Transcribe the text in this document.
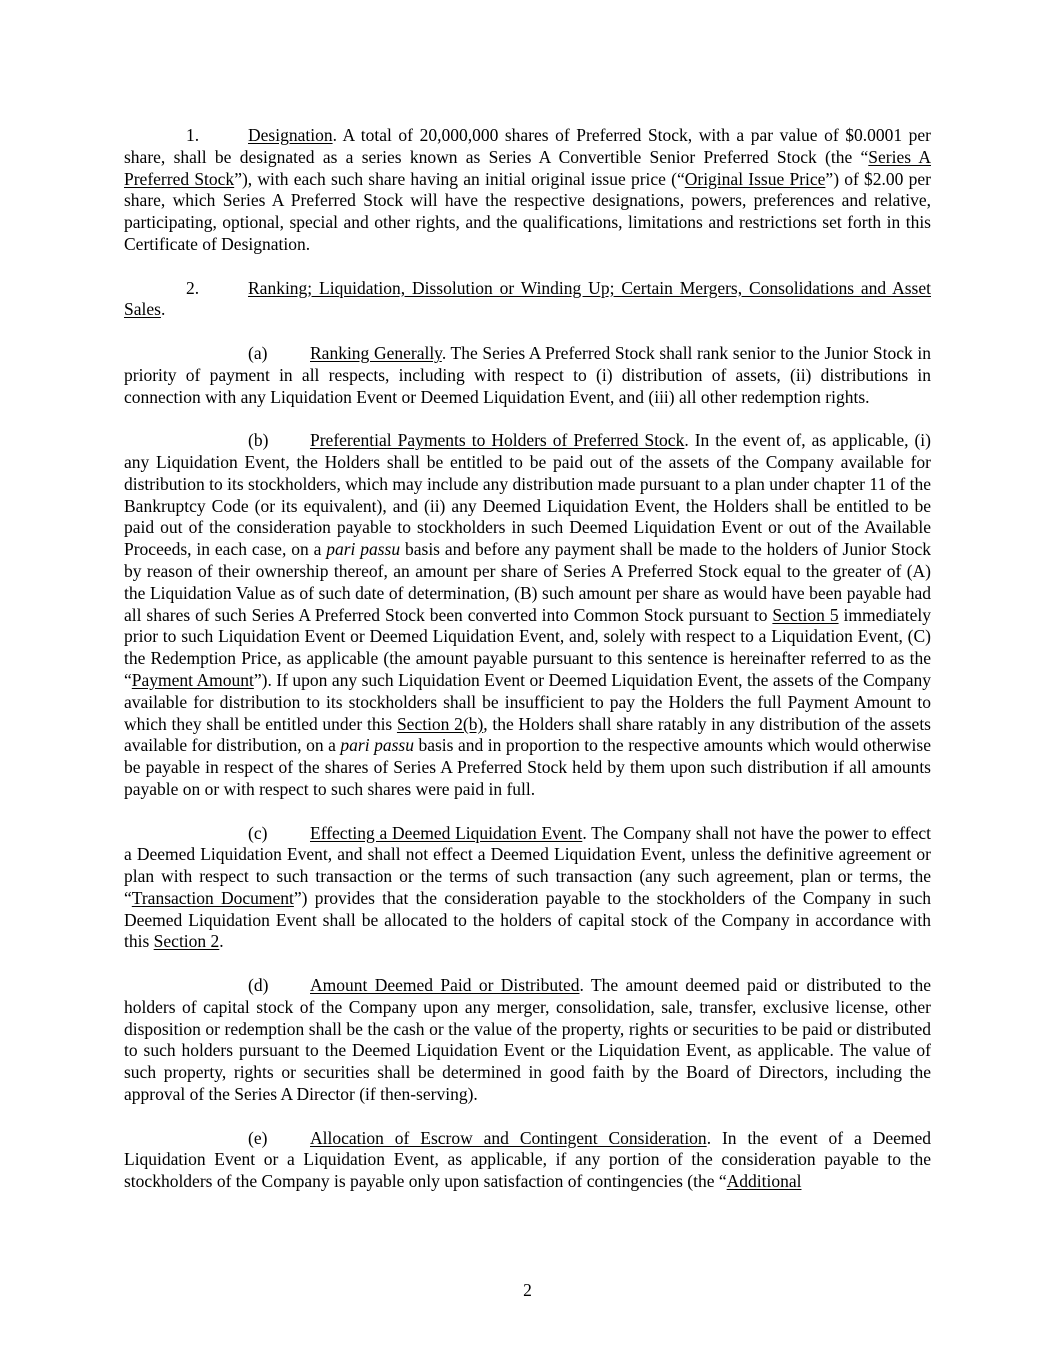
1.	Designation. A total of 20,000,000 shares of Preferred Stock, with a par value of $0.0001 per share, shall be designated as a series known as Series A Convertible Senior Preferred Stock (the “Series A Preferred Stock”), with each such share having an initial original issue price (“Original Issue Price”) of $2.00 per share, which Series A Preferred Stock will have the respective designations, powers, preferences and relative, participating, optional, special and other rights, and the qualifications, limitations and restrictions set forth in this Certificate of Designation.

2.	Ranking; Liquidation, Dissolution or Winding Up; Certain Mergers, Consolidations and Asset Sales.

(a) Ranking Generally. The Series A Preferred Stock shall rank senior to the Junior Stock in priority of payment in all respects, including with respect to (i) distribution of assets, (ii) distributions in connection with any Liquidation Event or Deemed Liquidation Event, and (iii) all other redemption rights.

(b) Preferential Payments to Holders of Preferred Stock. In the event of, as applicable, (i) any Liquidation Event, the Holders shall be entitled to be paid out of the assets of the Company available for distribution to its stockholders, which may include any distribution made pursuant to a plan under chapter 11 of the Bankruptcy Code (or its equivalent), and (ii) any Deemed Liquidation Event, the Holders shall be entitled to be paid out of the consideration payable to stockholders in such Deemed Liquidation Event or out of the Available Proceeds, in each case, on a pari passu basis and before any payment shall be made to the holders of Junior Stock by reason of their ownership thereof, an amount per share of Series A Preferred Stock equal to the greater of (A) the Liquidation Value as of such date of determination, (B) such amount per share as would have been payable had all shares of such Series A Preferred Stock been converted into Common Stock pursuant to Section 5 immediately prior to such Liquidation Event or Deemed Liquidation Event, and, solely with respect to a Liquidation Event, (C) the Redemption Price, as applicable (the amount payable pursuant to this sentence is hereinafter referred to as the “Payment Amount”). If upon any such Liquidation Event or Deemed Liquidation Event, the assets of the Company available for distribution to its stockholders shall be insufficient to pay the Holders the full Payment Amount to which they shall be entitled under this Section 2(b), the Holders shall share ratably in any distribution of the assets available for distribution, on a pari passu basis and in proportion to the respective amounts which would otherwise be payable in respect of the shares of Series A Preferred Stock held by them upon such distribution if all amounts payable on or with respect to such shares were paid in full.

(c) Effecting a Deemed Liquidation Event. The Company shall not have the power to effect a Deemed Liquidation Event, and shall not effect a Deemed Liquidation Event, unless the definitive agreement or plan with respect to such transaction or the terms of such transaction (any such agreement, plan or terms, the “Transaction Document”) provides that the consideration payable to the stockholders of the Company in such Deemed Liquidation Event shall be allocated to the holders of capital stock of the Company in accordance with this Section 2.

(d) Amount Deemed Paid or Distributed. The amount deemed paid or distributed to the holders of capital stock of the Company upon any merger, consolidation, sale, transfer, exclusive license, other disposition or redemption shall be the cash or the value of the property, rights or securities to be paid or distributed to such holders pursuant to the Deemed Liquidation Event or the Liquidation Event, as applicable. The value of such property, rights or securities shall be determined in good faith by the Board of Directors, including the approval of the Series A Director (if then-serving).

(e) Allocation of Escrow and Contingent Consideration. In the event of a Deemed Liquidation Event or a Liquidation Event, as applicable, if any portion of the consideration payable to the stockholders of the Company is payable only upon satisfaction of contingencies (the “Additional

2
